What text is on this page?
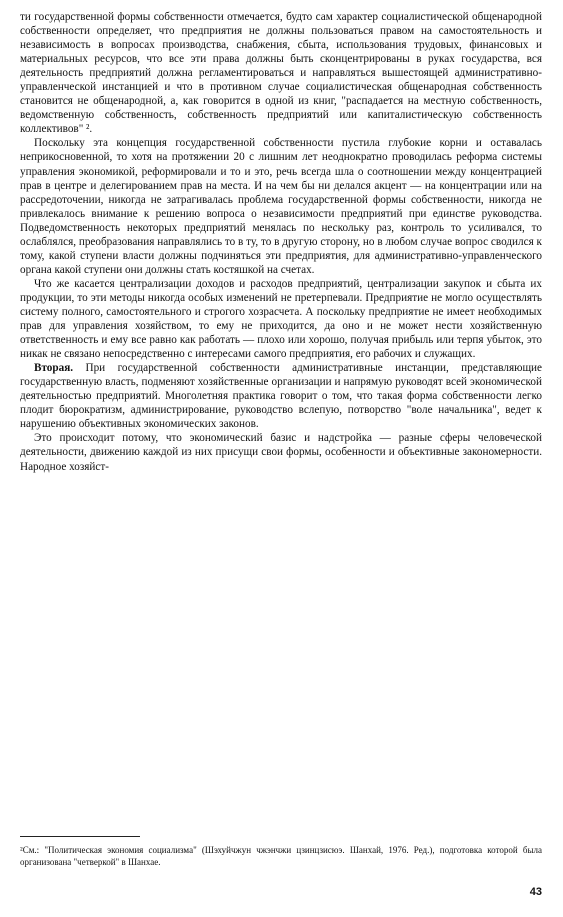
ти государственной формы собственности отмечается, будто сам характер социалистической общенародной собственности определяет, что предприятия не должны пользоваться правом на самостоятельность и независимость в вопросах производства, снабжения, сбыта, использования трудовых, финансовых и материальных ресурсов, что все эти права должны быть сконцентрированы в руках государства, вся деятельность предприятий должна регламентироваться и направляться вышестоящей административно-управленческой инстанцией и что в противном случае социалистическая общенародная собственность становится не общенародной, а, как говорится в одной из книг, "распадается на местную собственность, ведомственную собственность, собственность предприятий или капиталистическую собственность коллективов" ².

Поскольку эта концепция государственной собственности пустила глубокие корни и оставалась неприкосновенной, то хотя на протяжении 20 с лишним лет неоднократно проводилась реформа системы управления экономикой, реформировали и то и это, речь всегда шла о соотношении между концентрацией прав в центре и делегированием прав на места. И на чем бы ни делался акцент — на концентрации или на рассредоточении, никогда не затрагивалась проблема государственной формы собственности, никогда не привлекалось внимание к решению вопроса о независимости предприятий при единстве руководства. Подведомственность некоторых предприятий менялась по нескольку раз, контроль то усиливался, то ослаблялся, преобразования направлялись то в ту, то в другую сторону, но в любом случае вопрос сводился к тому, какой ступени власти должны подчиняться эти предприятия, для административно-управленческого органа какой ступени они должны стать костяшкой на счетах.

Что же касается централизации доходов и расходов предприятий, централизации закупок и сбыта их продукции, то эти методы никогда особых изменений не претерпевали. Предприятие не могло осуществлять систему полного, самостоятельного и строгого хозрасчета. А поскольку предприятие не имеет необходимых прав для управления хозяйством, то ему не приходится, да оно и не может нести хозяйственную ответственность и ему все равно как работать — плохо или хорошо, получая прибыль или терпя убыток, это никак не связано непосредственно с интересами самого предприятия, его рабочих и служащих.

Вторая. При государственной собственности административные инстанции, представляющие государственную власть, подменяют хозяйственные организации и напрямую руководят всей экономической деятельностью предприятий. Многолетняя практика говорит о том, что такая форма собственности легко плодит бюрократизм, администрирование, руководство вслепую, потворство "воле начальника", ведет к нарушению объективных экономических законов.

Это происходит потому, что экономический базис и надстройка — разные сферы человеческой деятельности, движению каждой из них присущи свои формы, особенности и объективные закономерности. Народное хозяйст-

²См.: "Политическая экономия социализма" (Шэхуйчжун чжэнчжи цзинцзисюэ. Шанхай, 1976. Ред.), подготовка которой была организована "четверкой" в Шанхае.

43
